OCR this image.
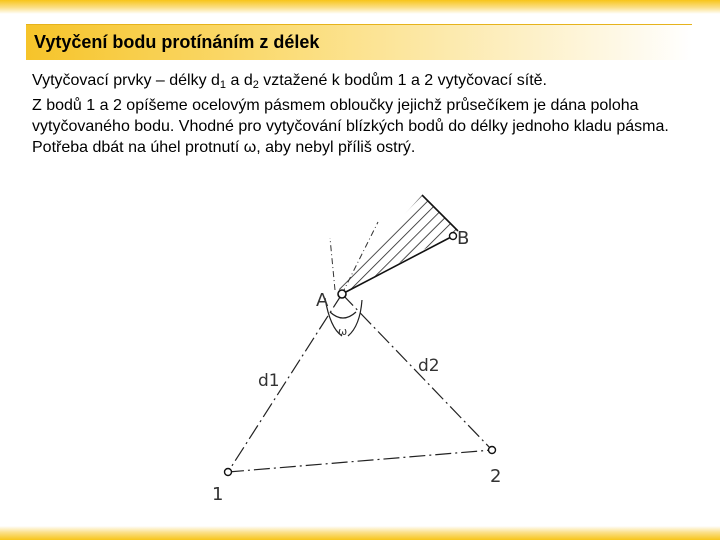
Vytyčení bodu protínáním z délek

Vytyčovací prvky – délky $d_1$ a $d_2$ vztažené k bodům 1 a 2 vytyčovací sítě.

Z bodů 1 a 2 opíšeme ocelovým pásmem obloučky jejichž průsečíkem je dána poloha vytyčovaného bodu. Vhodné pro vytyčování blízkých bodů do délky jednoho kladu pásma. Potřeba dbát na úhel protnutí ω, aby nebyl příliš ostrý.

A
B
1
2
d1
d2
ω
